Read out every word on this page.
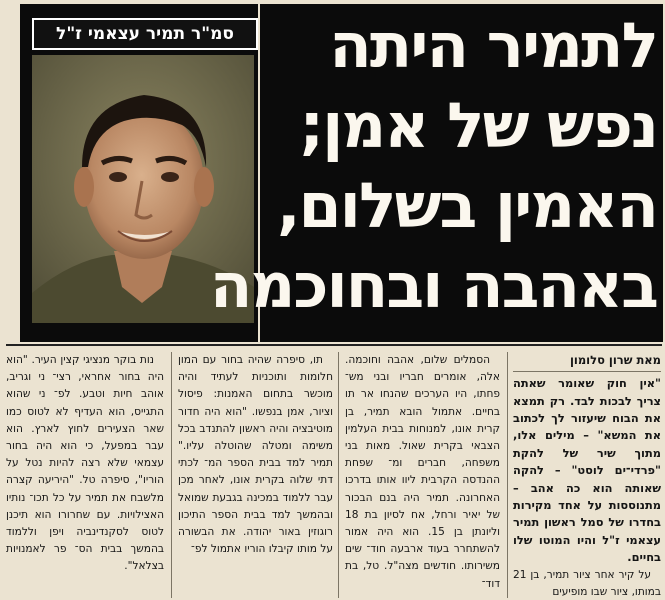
סמ"ר תמיר עצאמי ז"ל	לתמיר היתה
נפש של אמן;
האמין בשלום,
באהבה ובחוכמה
מאת שרון סלומון

"אין חוק שאומר שאתה צריך לבכות לבד. רק תמצא את הבוח שיעזור לך לכתוב את המשא" – מילים אלו, מתוך שיר של להקת "פרדי־ים לוסט" – להקה שאותה הוא כה אהב – מתנוססות על אחד מקירות בחדרו של סמל ראשון תמיר עצאמי ז"ל והיו המוטו שלו בחיים.

על קיר אחר ציור תמיר, בן 21 במותו, ציור שבו מופיעים

הסמלים שלום, אהבה וחוכמה. אלה, אומרים חבריו ובני מש־ פחתו, היו הערכים שהנחו אר תו בחיים. אתמול הובא תמיר, בן קרית אונו, למנוחות בבית העלמין הצבאי בקרית שאול. מאות בני משפחה, חברים ומ־ שפחת ההנדסה הקרבית ליוו אותו בדרכו האחרונה. תמיר היה בנם הבכור של יאיר ורחל, אח לסיון בת 18 וליונתן בן 15. הוא היה אמור להשתחרר בעוד ארבעה חוד־ שים משירותו. חודשים מצה"ל. טל, בת דוד־

תו, סיפרה שהיה בחור עם המון חלומות ותוכניות לעתיד והיה מוכשר בתחום האמנות: פיסול וציור, אמן בנפשו. "הוא היה חדור מוטיבציה והיה ראשון להתנדב בכל משימה ומטלה שהוטלה עליו." תמיר למד בבית הספר המ־ לכתי דתי שלוה בקרית אונו, לאחר מכן עבר ללמוד במכינה בגבעת שמואל ובהמשך למד בבית הספר התיכון רוגוזין באור יהודה. את הבשורה על מותו קיבלו הוריו אתמול לפ־

נות בוקר מנציגי קצין העיר. "הוא היה בחור אחראי, רצי־ ני וגריב, אוהב חיות וטבע. לפ־ ני שהוא התגייס, הוא העדיף לא לטוס כמו שאר הצעירים לחוץ לארץ. הוא עבר במפעל, כי הוא היה בחור עצמאי שלא רצה להיות נטל על הוריו", סיפרה טל. "היריעה קצרה מלשבח את תמיר על כל תכו־ נותיו האצילויות. עם שחרורו הוא תיכנן לטוס לסקנדינביה ויפן וללמוד בהמשך בבית הס־ פר לאמנויות בצלאל".
